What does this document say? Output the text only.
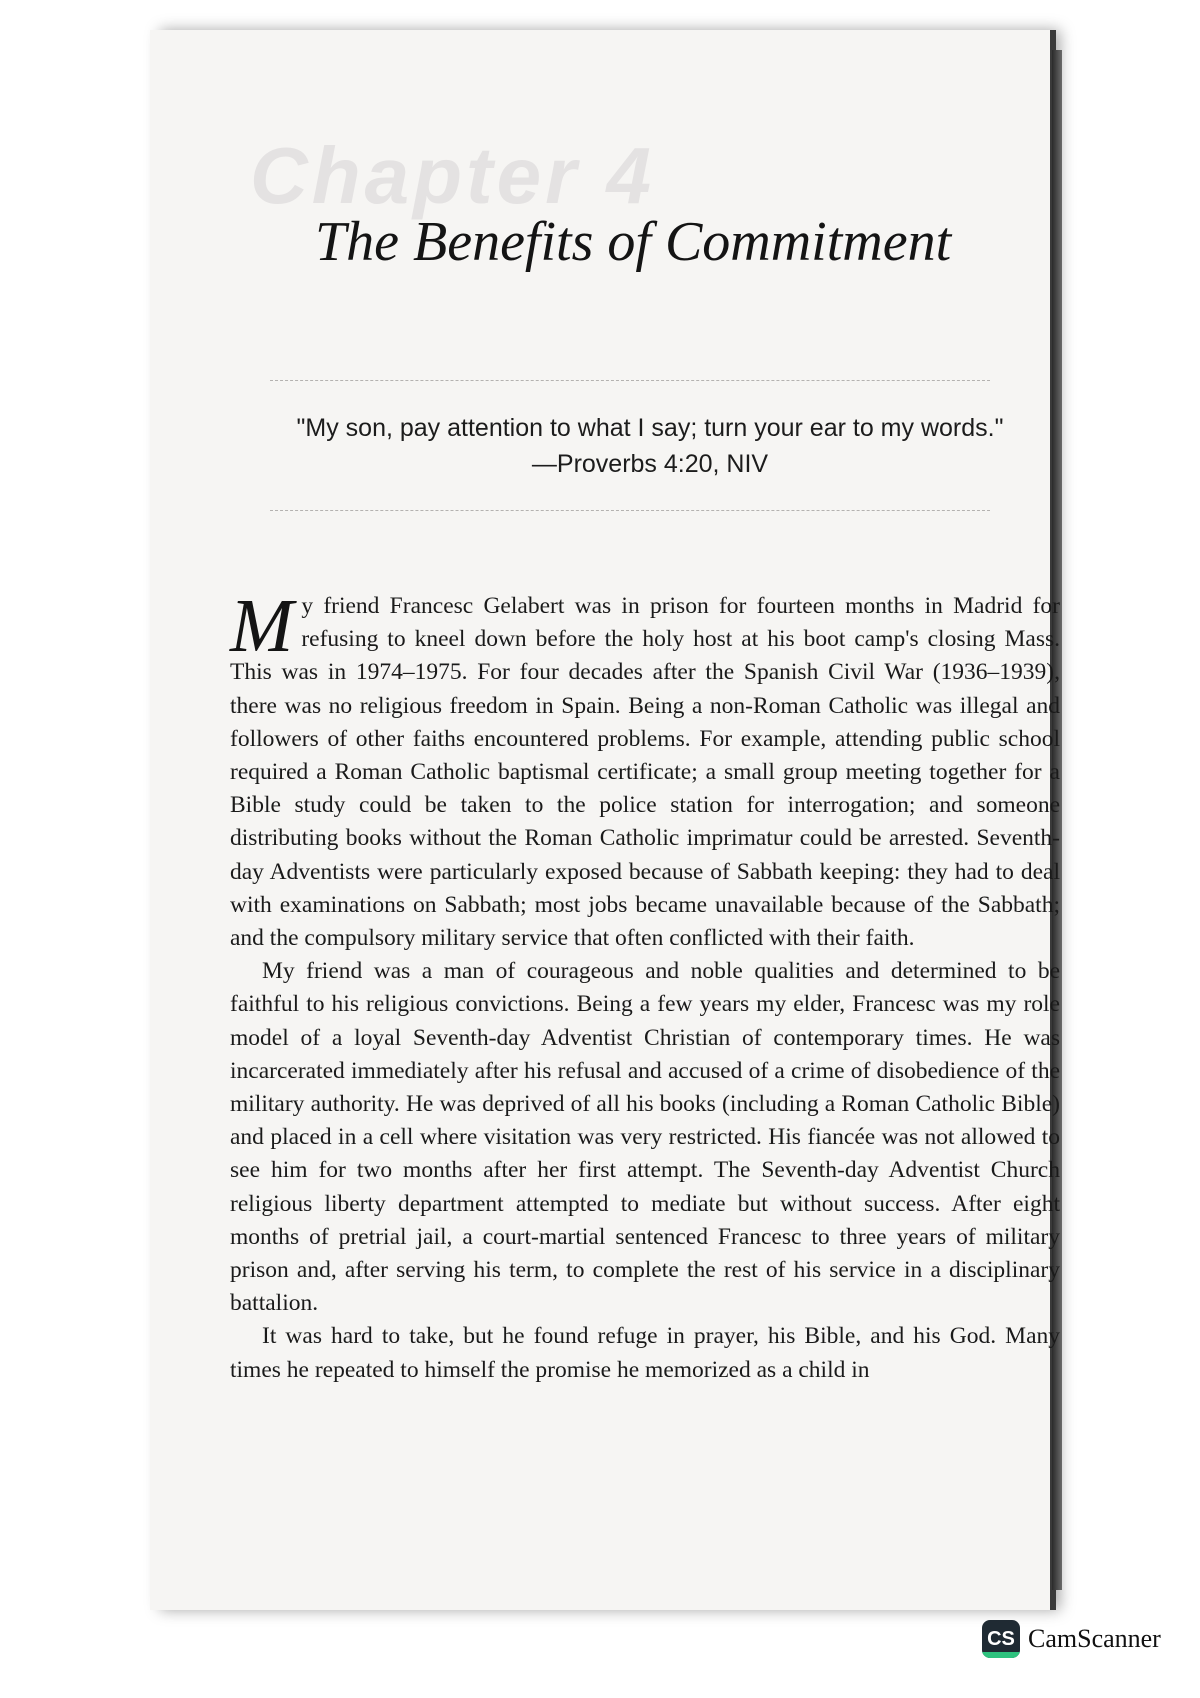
Chapter 4
The Benefits of Commitment
"My son, pay attention to what I say; turn your ear to my words."
—Proverbs 4:20, NIV

M y friend Francesc Gelabert was in prison for fourteen months in Madrid for refusing to kneel down before the holy host at his boot camp's closing Mass. This was in 1974–1975. For four decades after the Spanish Civil War (1936–1939), there was no religious freedom in Spain. Being a non-Roman Catholic was illegal and followers of other faiths encountered problems. For example, attending public school required a Roman Catholic baptismal certificate; a small group meeting together for a Bible study could be taken to the police station for interrogation; and someone distributing books without the Roman Catholic imprimatur could be arrested. Seventh-day Adventists were particularly exposed because of Sabbath keeping: they had to deal with examinations on Sabbath; most jobs became unavailable because of the Sabbath; and the compulsory military service that often conflicted with their faith.

My friend was a man of courageous and noble qualities and determined to be faithful to his religious convictions. Being a few years my elder, Francesc was my role model of a loyal Seventh-day Adventist Christian of contemporary times. He was incarcerated immediately after his refusal and accused of a crime of disobedience of the military authority. He was deprived of all his books (including a Roman Catholic Bible) and placed in a cell where visitation was very restricted. His fiancée was not allowed to see him for two months after her first attempt. The Seventh-day Adventist Church religious liberty department attempted to mediate but without success. After eight months of pretrial jail, a court-martial sentenced Francesc to three years of military prison and, after serving his term, to complete the rest of his service in a disciplinary battalion.

It was hard to take, but he found refuge in prayer, his Bible, and his God. Many times he repeated to himself the promise he memorized as a child in

CS CamScanner
